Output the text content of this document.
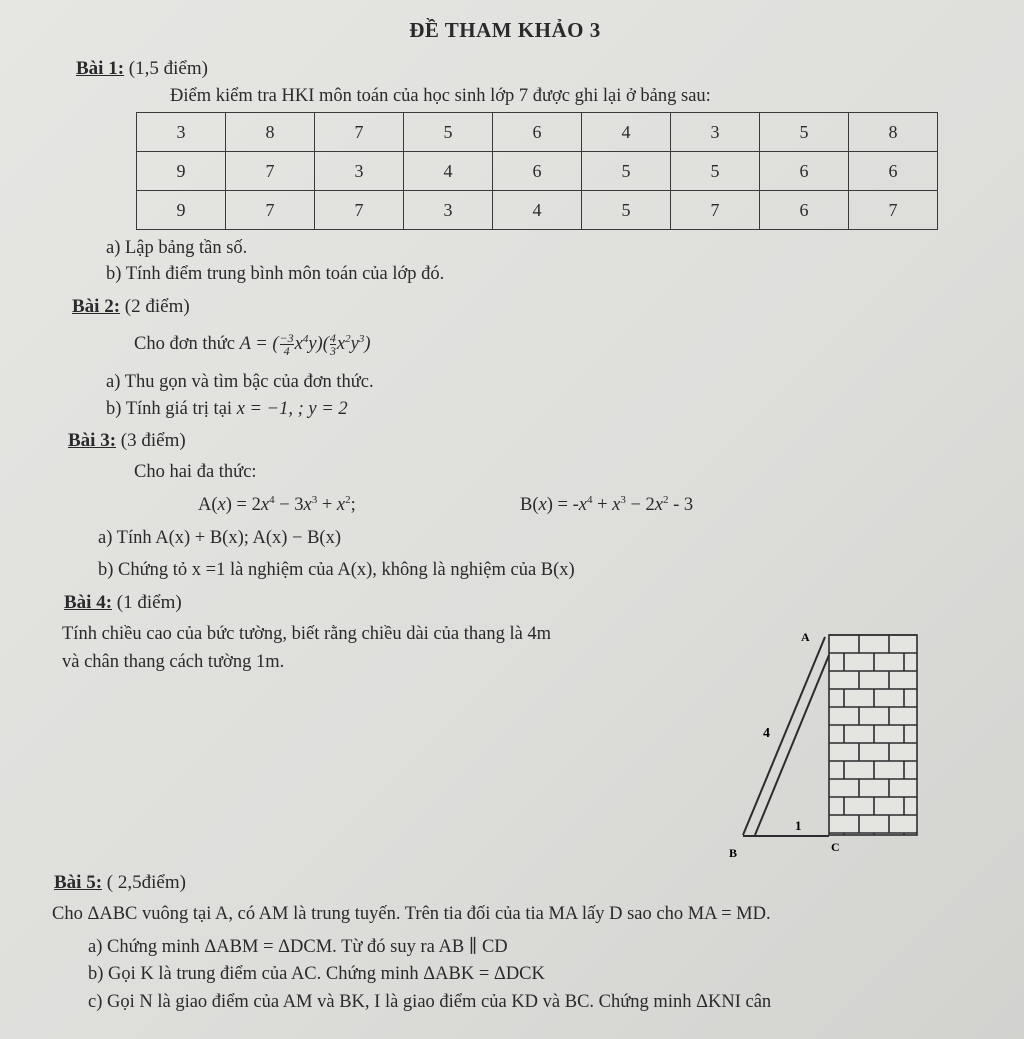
ĐỀ THAM KHẢO 3
Bài 1: (1,5 điểm)
Điểm kiểm tra HKI môn toán của học sinh lớp 7 được ghi lại ở bảng sau:
3	8	7	5	6	4	3	5	8
9	7	3	4	6	5	5	6	6
9	7	7	3	4	5	7	6	7
a) Lập bảng tần số.
b) Tính điểm trung bình môn toán của lớp đó.
Bài 2: (2 điểm)
Cho đơn thức A = ( $\frac{-3}{4} x^4y)( \frac{4}{3} x^2y^3)$
a) Thu gọn và tìm bậc của đơn thức.
b) Tính giá trị tại x = −1, ; y = 2
Bài 3: (3 điểm)
Cho hai đa thức:
$A(x) = 2x^4 - 3x^3 + x^2$;	$B(x) = -x^4 + x^3 - 2x^2 - 3$
a) Tính A(x) + B(x); A(x) − B(x)
b) Chứng tỏ x =1 là nghiệm của A(x), không là nghiệm của B(x)
Bài 4: (1 điểm)
Tính chiều cao của bức tường, biết rằng chiều dài của thang là 4m
và chân thang cách tường 1m.
A
B	C
4
1
Bài 5: ( 2,5điểm)
Cho ΔABC vuông tại A, có AM là trung tuyến. Trên tia đối của tia MA lấy D sao cho MA = MD.
a) Chứng minh ΔABM = ΔDCM. Từ đó suy ra AB ∥ CD
b) Gọi K là trung điểm của AC. Chứng minh ΔABK = ΔDCK
c) Gọi N là giao điểm của AM và BK, I là giao điểm của KD và BC. Chứng minh ΔKNI cân
